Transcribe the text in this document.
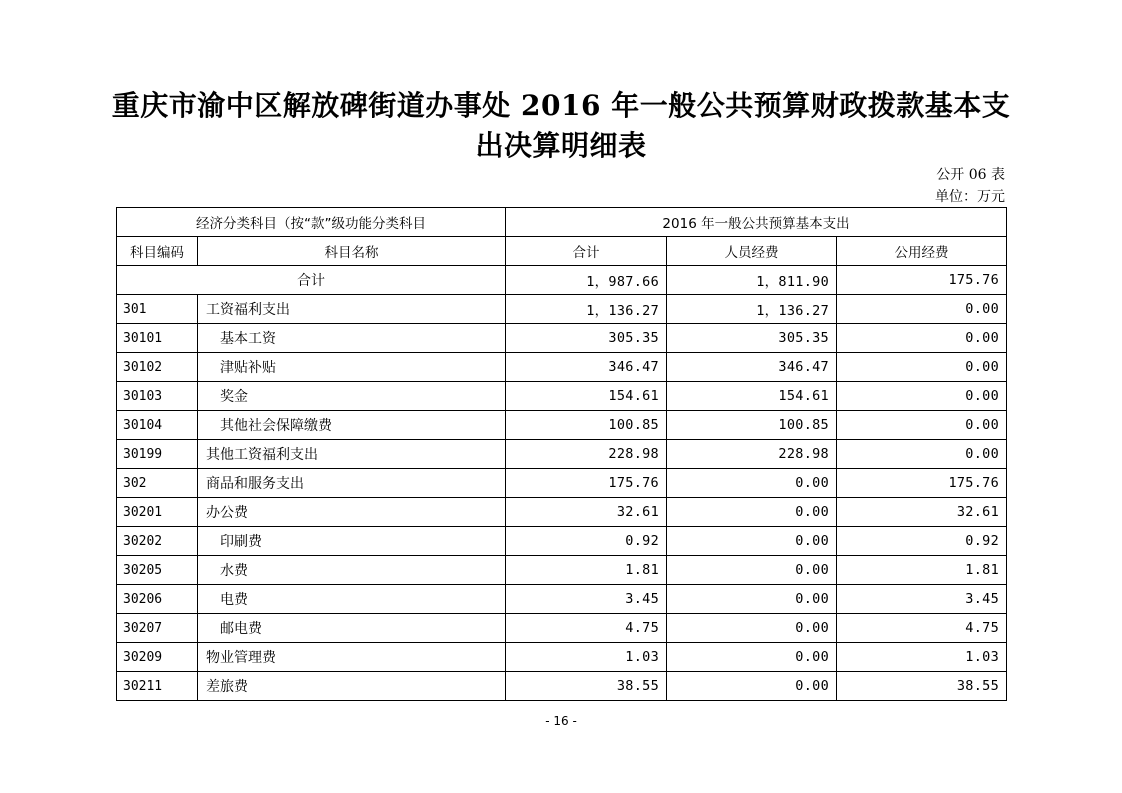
重庆市渝中区解放碑街道办事处 2016 年一般公共预算财政拨款基本支
出决算明细表
公开 06 表
单位：万元
经济分类科目（按“款”级功能分类科目		2016 年一般公共预算基本支出		
科目编码	科目名称	合计	人员经费	公用经费
合计		1，987.66	1，811.90	175.76
301	工资福利支出	1，136.27	1，136.27	0.00
30101	基本工资	305.35	305.35	0.00
30102	津贴补贴	346.47	346.47	0.00
30103	奖金	154.61	154.61	0.00
30104	其他社会保障缴费	100.85	100.85	0.00
30199	其他工资福利支出	228.98	228.98	0.00
302	商品和服务支出	175.76	0.00	175.76
30201	办公费	32.61	0.00	32.61
30202	印刷费	0.92	0.00	0.92
30205	水费	1.81	0.00	1.81
30206	电费	3.45	0.00	3.45
30207	邮电费	4.75	0.00	4.75
30209	物业管理费	1.03	0.00	1.03
30211	差旅费	38.55	0.00	38.55
- 16 -
